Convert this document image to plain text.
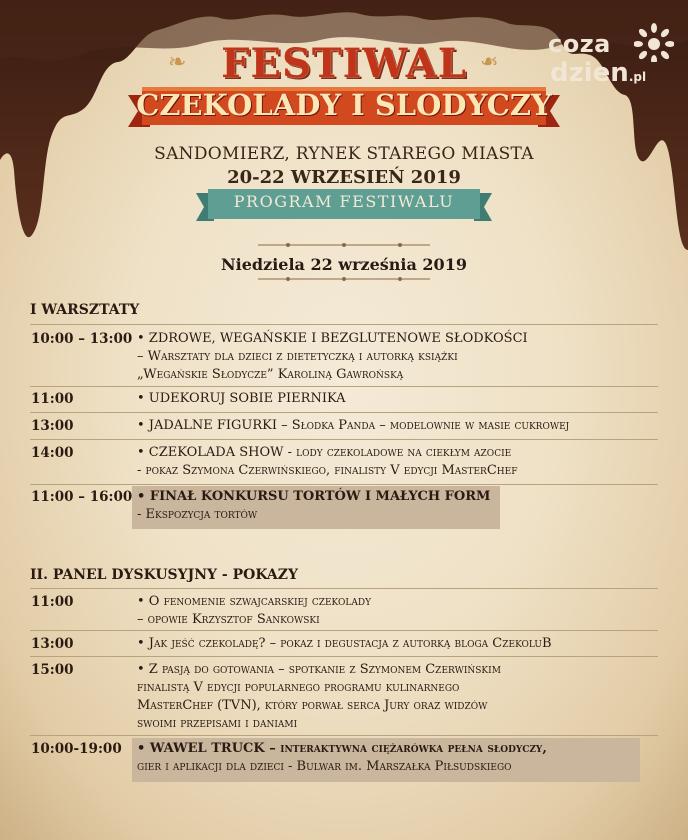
coza
dzien.pl
❧	❧
FESTIWAL
CZEKOLADY I SLODYCZY
SANDOMIERZ, RYNEK STAREGO MIASTA
20-22 WRZESIEŃ 2019
PROGRAM FESTIWALU
Niedziela 22 września 2019
I WARSZTATY
10:00 – 13:00 • ZDROWE, WEGAŃSKIE I BEZGLUTENOWE SŁODKOŚCI
– Warsztaty dla dzieci z dietetyczką i autorką książki
„Wegańskie Słodycze” Karoliną Gawrońską
11:00	• UDEKORUJ SOBIE PIERNIKA
13:00	• JADALNE FIGURKI – Słodka Panda – modelownie w masie cukrowej
14:00	• CZEKOLADA SHOW - lody czekoladowe na ciekłym azocie
- pokaz Szymona Czerwińskiego, finalisty V edycji MasterChef
11:00 – 16:00 • FINAŁ KONKURSU TORTÓW I MAŁYCH FORM
- Ekspozycja tortów
II. PANEL DYSKUSYJNY - POKAZY
11:00	• O fenomenie szwajcarskiej czekolady
– opowie Krzysztof Sankowski
13:00	• Jak jeść czekoladę? – pokaz i degustacja z autorką bloga CzekoluB
15:00	• Z pasją do gotowania – spotkanie z Szymonem Czerwińskim
finalistą V edycji popularnego programu kulinarnego
MasterChef (TVN), który porwał serca Jury oraz widzów
swoimi przepisami i daniami
10:00-19:00 • WAWEL TRUCK – interaktywna ciężarówka pełna słodyczy,
gier i aplikacji dla dzieci - Bulwar im. Marszałka Piłsudskiego
